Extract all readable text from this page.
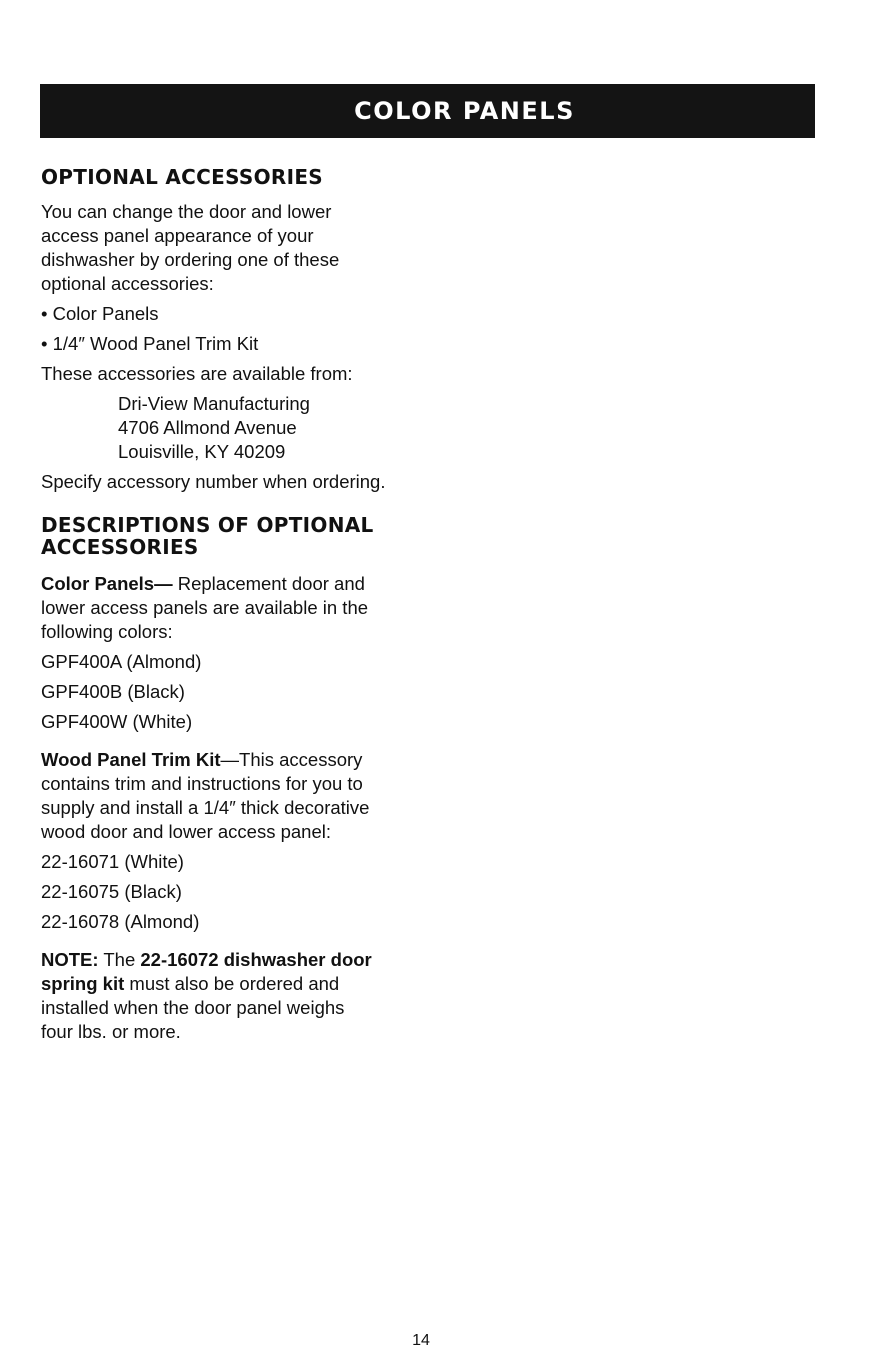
COLOR PANELS
OPTIONAL ACCESSORIES

You can change the door and lower

access panel appearance of your

dishwasher by ordering one of these

optional accessories:

• Color Panels

• 1/4″ Wood Panel Trim Kit

These accessories are available from:

Dri-View Manufacturing

4706 Allmond Avenue

Louisville, KY 40209

Specify accessory number when ordering.

DESCRIPTIONS OF OPTIONAL
ACCESSORIES

Color Panels— Replacement door and

lower access panels are available in the

following colors:

GPF400A (Almond)

GPF400B (Black)

GPF400W (White)

Wood Panel Trim Kit—This accessory

contains trim and instructions for you to

supply and install a 1/4″ thick decorative

wood door and lower access panel:

22-16071 (White)

22-16075 (Black)

22-16078 (Almond)

NOTE: The 22-16072 dishwasher door

spring kit must also be ordered and

installed when the door panel weighs

four lbs. or more.

14
